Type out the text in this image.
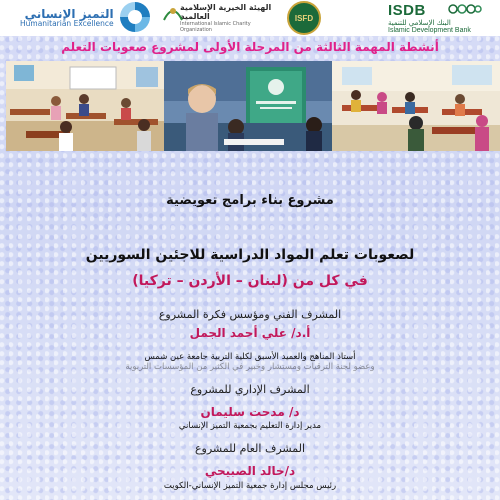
التميز الإنساني
Humanitarian Excellence
الهيئة الخيرية الإسلامية العالمية
International Islamic Charity Organization
ISFD	ISDB
البنك الإسلامي للتنمية
Islamic Development Bank
أنشطة المهمة الثالثة من المرحلة الأولى لمشروع صعوبات التعلم
مشروع بناء برامج تعويضية
لصعوبات تعلم المواد الدراسية للاجئين السوريين
في كل من (لبنان – الأردن – تركيا)
المشرف الفني ومؤسس فكرة المشروع
أ.د/ علي أحمد الجمل
أستاذ المناهج والعميد الأسبق لكلية التربية جامعة عين شمس
وعضو لجنة الترقيات ومستشار وخبير في الكثير من المؤسسات التربوية
المشرف الإداري للمشروع
د/ مدحت سليمان
مدير إدارة التعليم بجمعية التميز الإنساني
المشرف العام للمشروع
د/خالد الصبيحي
رئيس مجلس إدارة جمعية التميز الإنساني-الكويت
